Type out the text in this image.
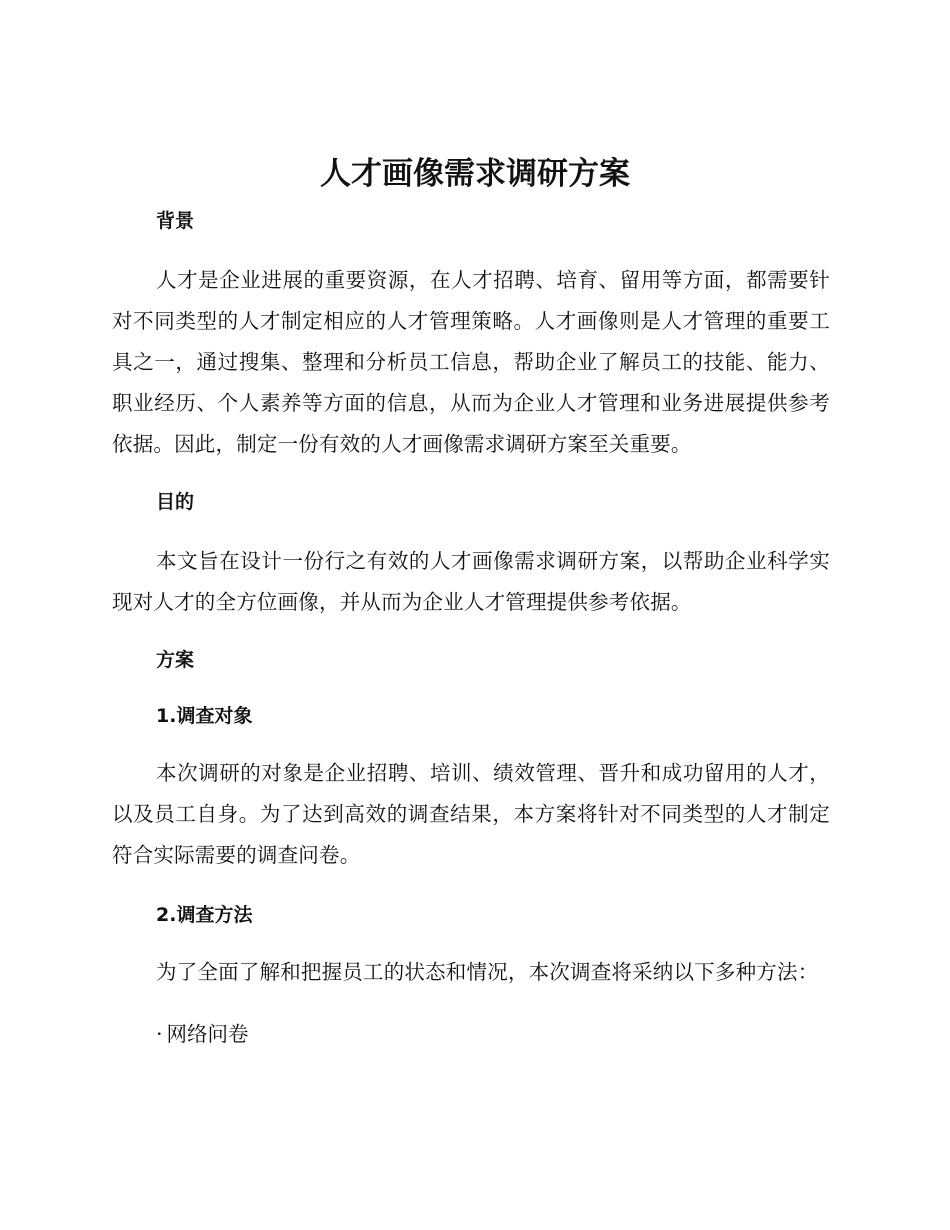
人才画像需求调研方案
背景

人才是企业进展的重要资源，在人才招聘、培育、留用等方面，都需要针对不同类型的人才制定相应的人才管理策略。人才画像则是人才管理的重要工具之一，通过搜集、整理和分析员工信息，帮助企业了解员工的技能、能力、职业经历、个人素养等方面的信息，从而为企业人才管理和业务进展提供参考依据。因此，制定一份有效的人才画像需求调研方案至关重要。

目的

本文旨在设计一份行之有效的人才画像需求调研方案，以帮助企业科学实现对人才的全方位画像，并从而为企业人才管理提供参考依据。

方案
1.调查对象

本次调研的对象是企业招聘、培训、绩效管理、晋升和成功留用的人才，以及员工自身。为了达到高效的调查结果，本方案将针对不同类型的人才制定符合实际需要的调查问卷。

2.调查方法

为了全面了解和把握员工的状态和情况，本次调查将采纳以下多种方法：

· 网络问卷
